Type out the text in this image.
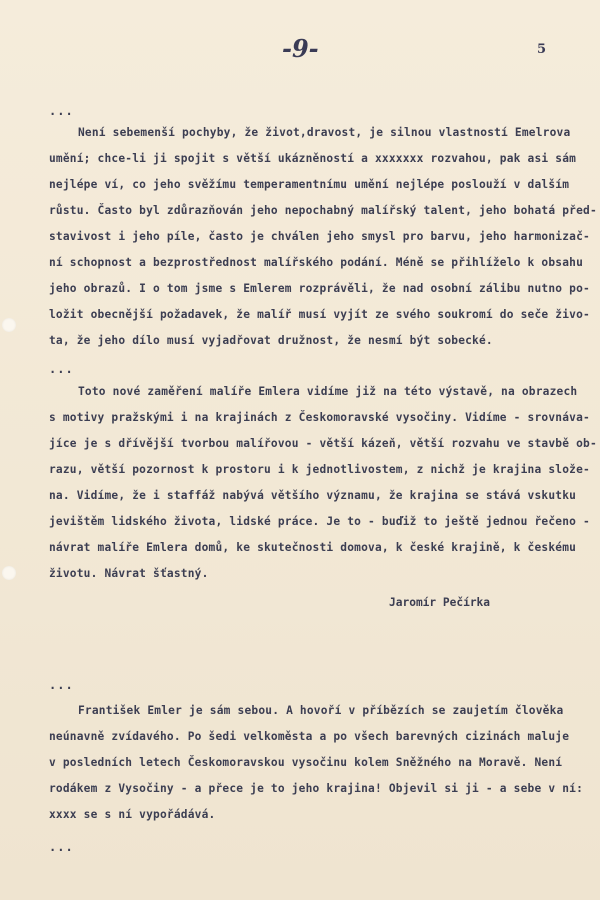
-9-	5
...
Není sebemenší pochyby, že život,dravost, je silnou vlastností Emelrova
umění; chce-li ji spojit s větší ukázněností a xxxxxxx rozvahou, pak asi sám
nejlépe ví, co jeho svěžímu temperamentnímu umění nejlépe poslouží v dalším
růstu. Často byl zdůrazňován jeho nepochabný malířský talent, jeho bohatá před-
stavivost i jeho píle, často je chválen jeho smysl pro barvu, jeho harmonizač-
ní schopnost a bezprostřednost malířského podání. Méně se přihlíželo k obsahu
jeho obrazů. I o tom jsme s Emlerem rozprávěli, že nad osobní zálibu nutno po-
ložit obecnější požadavek, že malíř musí vyjít ze svého soukromí do seče živo-
ta, že jeho dílo musí vyjadřovat družnost, že nesmí být sobecké.
...
Toto nové zaměření malíře Emlera vidíme již na této výstavě, na obrazech
s motivy pražskými i na krajinách z Českomoravské vysočiny. Vidíme - srovnáva-
jíce je s dřívější tvorbou malířovou - větší kázeň, větší rozvahu ve stavbě ob-
razu, větší pozornost k prostoru i k jednotlivostem, z nichž je krajina slože-
na. Vidíme, že i staffáž nabývá většího významu, že krajina se stává vskutku
jevištěm lidského života, lidské práce. Je to - buďiž to ještě jednou řečeno -
návrat malíře Emlera domů, ke skutečnosti domova, k české krajině, k českému
životu. Návrat šťastný.
Jaromír Pečírka
...
František Emler je sám sebou. A hovoří v příbězích se zaujetím člověka
neúnavně zvídavého. Po šedi velkoměsta a po všech barevných cizinách maluje
v posledních letech Českomoravskou vysočinu kolem Sněžného na Moravě. Není
rodákem z Vysočiny - a přece je to jeho krajina! Objevil si ji - a sebe v ní:
xxxx se s ní vypořádává.
...
